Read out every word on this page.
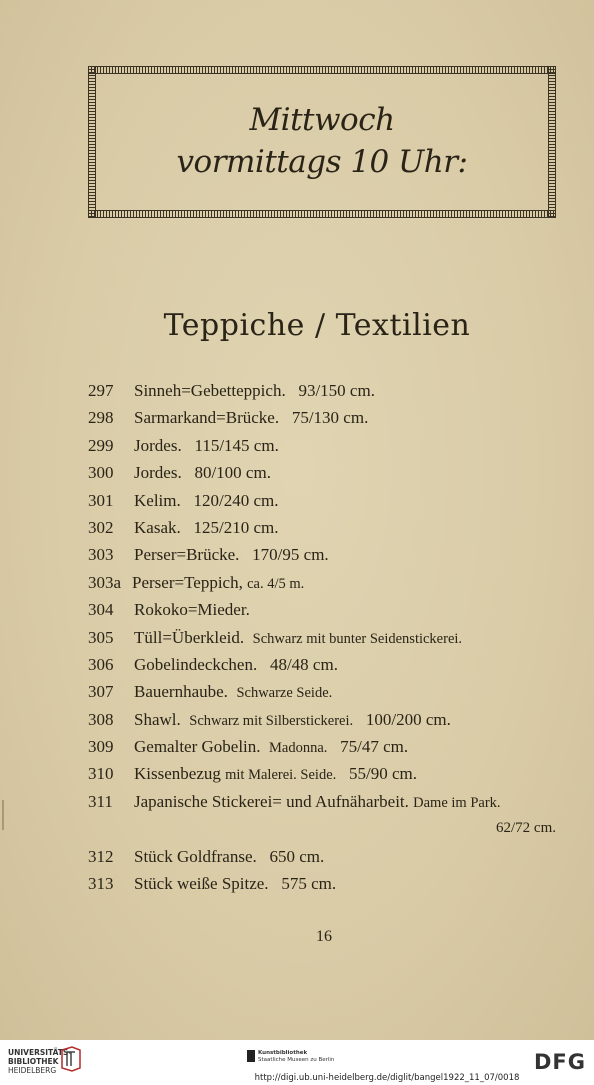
Mittwoch
vormittags 10 Uhr:
Teppiche / Textilien
297	Sinneh=Gebetteppich. 93/150 cm.
298	Sarmarkand=Brücke. 75/130 cm.
299	Jordes. 115/145 cm.
300	Jordes. 80/100 cm.
301	Kelim. 120/240 cm.
302	Kasak. 125/210 cm.
303	Perser=Brücke. 170/95 cm.
303a Perser=Teppich, ca. 4/5 m.
304	Rokoko=Mieder.
305	Tüll=Überkleid. Schwarz mit bunter Seidenstickerei.
306	Gobelindeckchen. 48/48 cm.
307	Bauernhaube. Schwarze Seide.
308	Shawl. Schwarz mit Silberstickerei. 100/200 cm.
309	Gemalter Gobelin. Madonna. 75/47 cm.
310	Kissenbezug mit Malerei. Seide. 55/90 cm.
311	Japanische Stickerei= und Aufnäharbeit. Dame im Park.
62/72 cm.
312	Stück Goldfranse. 650 cm.
313	Stück weiße Spitze. 575 cm.
16
UNIVERSITÄTS-
BIBLIOTHEK
HEIDELBERG
Kunstbibliothek
Staatliche Museen zu Berlin	DFG
http://digi.ub.uni-heidelberg.de/diglit/bangel1922_11_07/0018
